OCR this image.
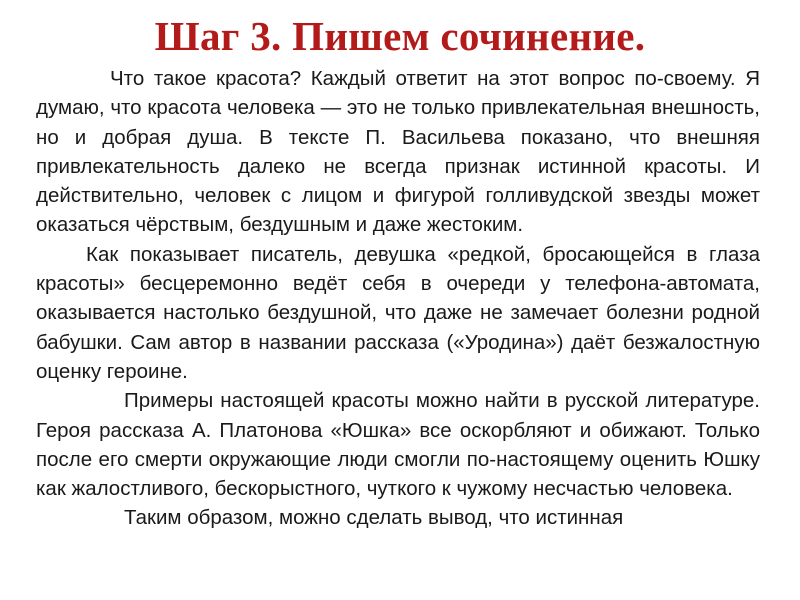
Шаг 3. Пишем сочинение.

Что такое красота? Каждый ответит на этот вопрос по-своему. Я думаю, что красота человека — это не только привлекательная внешность, но и добрая душа. В тексте П. Васильева показано, что внешняя привлекательность далеко не всегда признак истинной красоты. И действительно, человек с лицом и фигурой голливудской звезды может оказаться чёрствым, бездушным и даже жестоким.

Как показывает писатель, девушка «редкой, бросающейся в глаза красоты» бесцеремонно ведёт себя в очереди у телефона-автомата, оказывается настолько бездушной, что даже не замечает болезни родной бабушки. Сам автор в названии рассказа («Уродина») даёт безжалостную оценку героине.

Примеры настоящей красоты можно найти в русской литературе. Героя рассказа А. Платонова «Юшка» все оскорбляют и обижают. Только после его смерти окружающие люди смогли по-настоящему оценить Юшку как жалостливого, бескорыстного, чуткого к чужому несчастью человека.

Таким образом, можно сделать вывод, что истинная
